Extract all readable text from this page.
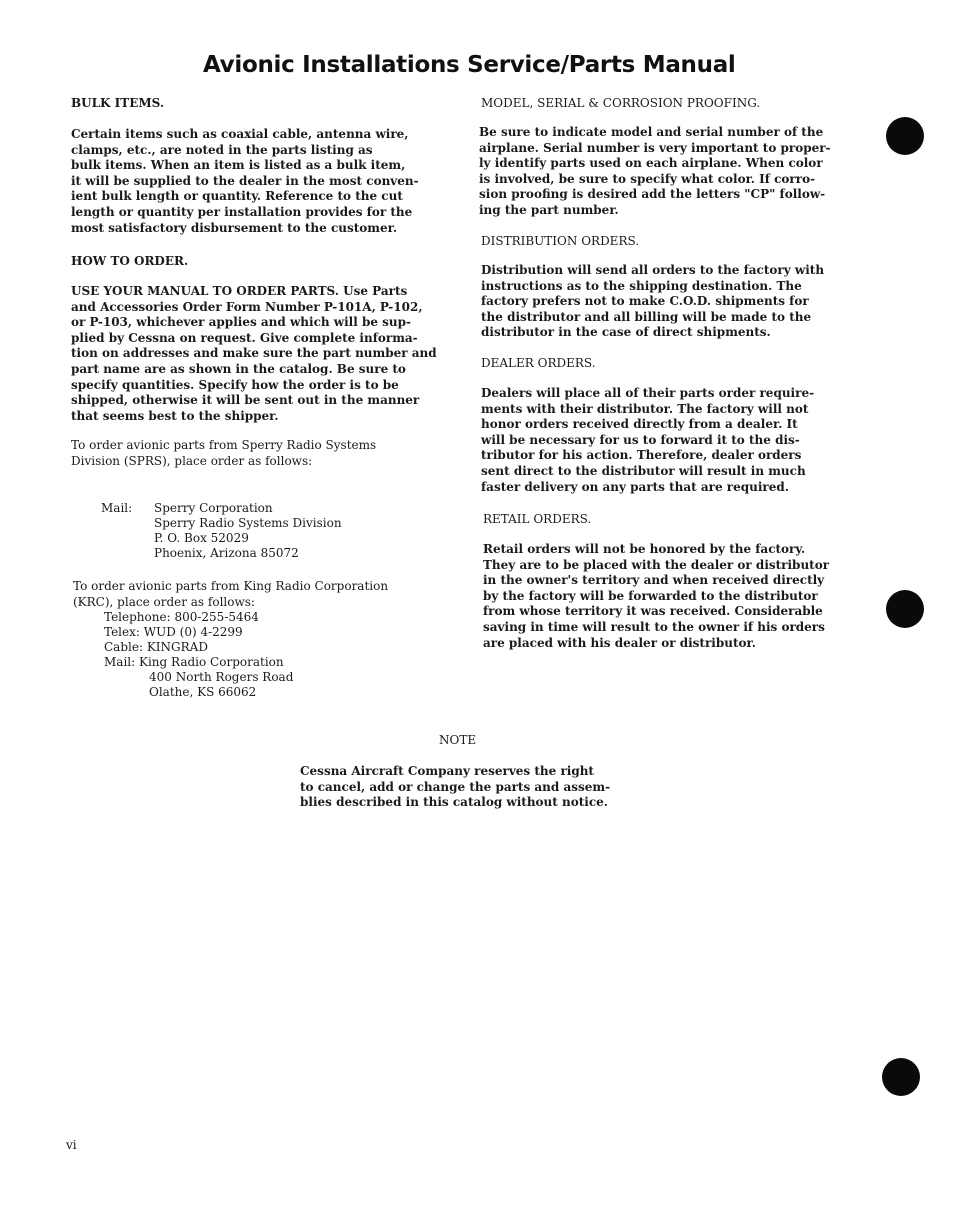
Avionic Installations Service/Parts Manual
BULK ITEMS.
Certain items such as coaxial cable, antenna wire,
clamps, etc., are noted in the parts listing as
bulk items. When an item is listed as a bulk item,
it will be supplied to the dealer in the most conven-
ient bulk length or quantity. Reference to the cut
length or quantity per installation provides for the
most satisfactory disbursement to the customer.
HOW TO ORDER.
USE YOUR MANUAL TO ORDER PARTS. Use Parts
and Accessories Order Form Number P-101A, P-102,
or P-103, whichever applies and which will be sup-
plied by Cessna on request. Give complete informa-
tion on addresses and make sure the part number and
part name are as shown in the catalog. Be sure to
specify quantities. Specify how the order is to be
shipped, otherwise it will be sent out in the manner
that seems best to the shipper.
To order avionic parts from Sperry Radio Systems
Division (SPRS), place order as follows:
Mail:	Sperry Corporation
Sperry Radio Systems Division
P. O. Box 52029
Phoenix, Arizona 85072
To order avionic parts from King Radio Corporation
(KRC), place order as follows:
Telephone:
800-255-5464
Telex:
WUD (0) 4-2299
Cable:
KINGRAD
Mail:
King Radio Corporation
400 North Rogers Road
Olathe, KS 66062
MODEL, SERIAL & CORROSION PROOFING.
Be sure to indicate model and serial number of the
airplane. Serial number is very important to proper-
ly identify parts used on each airplane. When color
is involved, be sure to specify what color. If corro-
sion proofing is desired add the letters "CP" follow-
ing the part number.
DISTRIBUTION ORDERS.
Distribution will send all orders to the factory with
instructions as to the shipping destination. The
factory prefers not to make C.O.D. shipments for
the distributor and all billing will be made to the
distributor in the case of direct shipments.
DEALER ORDERS.
Dealers will place all of their parts order require-
ments with their distributor. The factory will not
honor orders received directly from a dealer. It
will be necessary for us to forward it to the dis-
tributor for his action. Therefore, dealer orders
sent direct to the distributor will result in much
faster delivery on any parts that are required.
RETAIL ORDERS.
Retail orders will not be honored by the factory.
They are to be placed with the dealer or distributor
in the owner's territory and when received directly
by the factory will be forwarded to the distributor
from whose territory it was received. Considerable
saving in time will result to the owner if his orders
are placed with his dealer or distributor.
NOTE
Cessna Aircraft Company reserves the right
to cancel, add or change the parts and assem-
blies described in this catalog without notice.
vi
